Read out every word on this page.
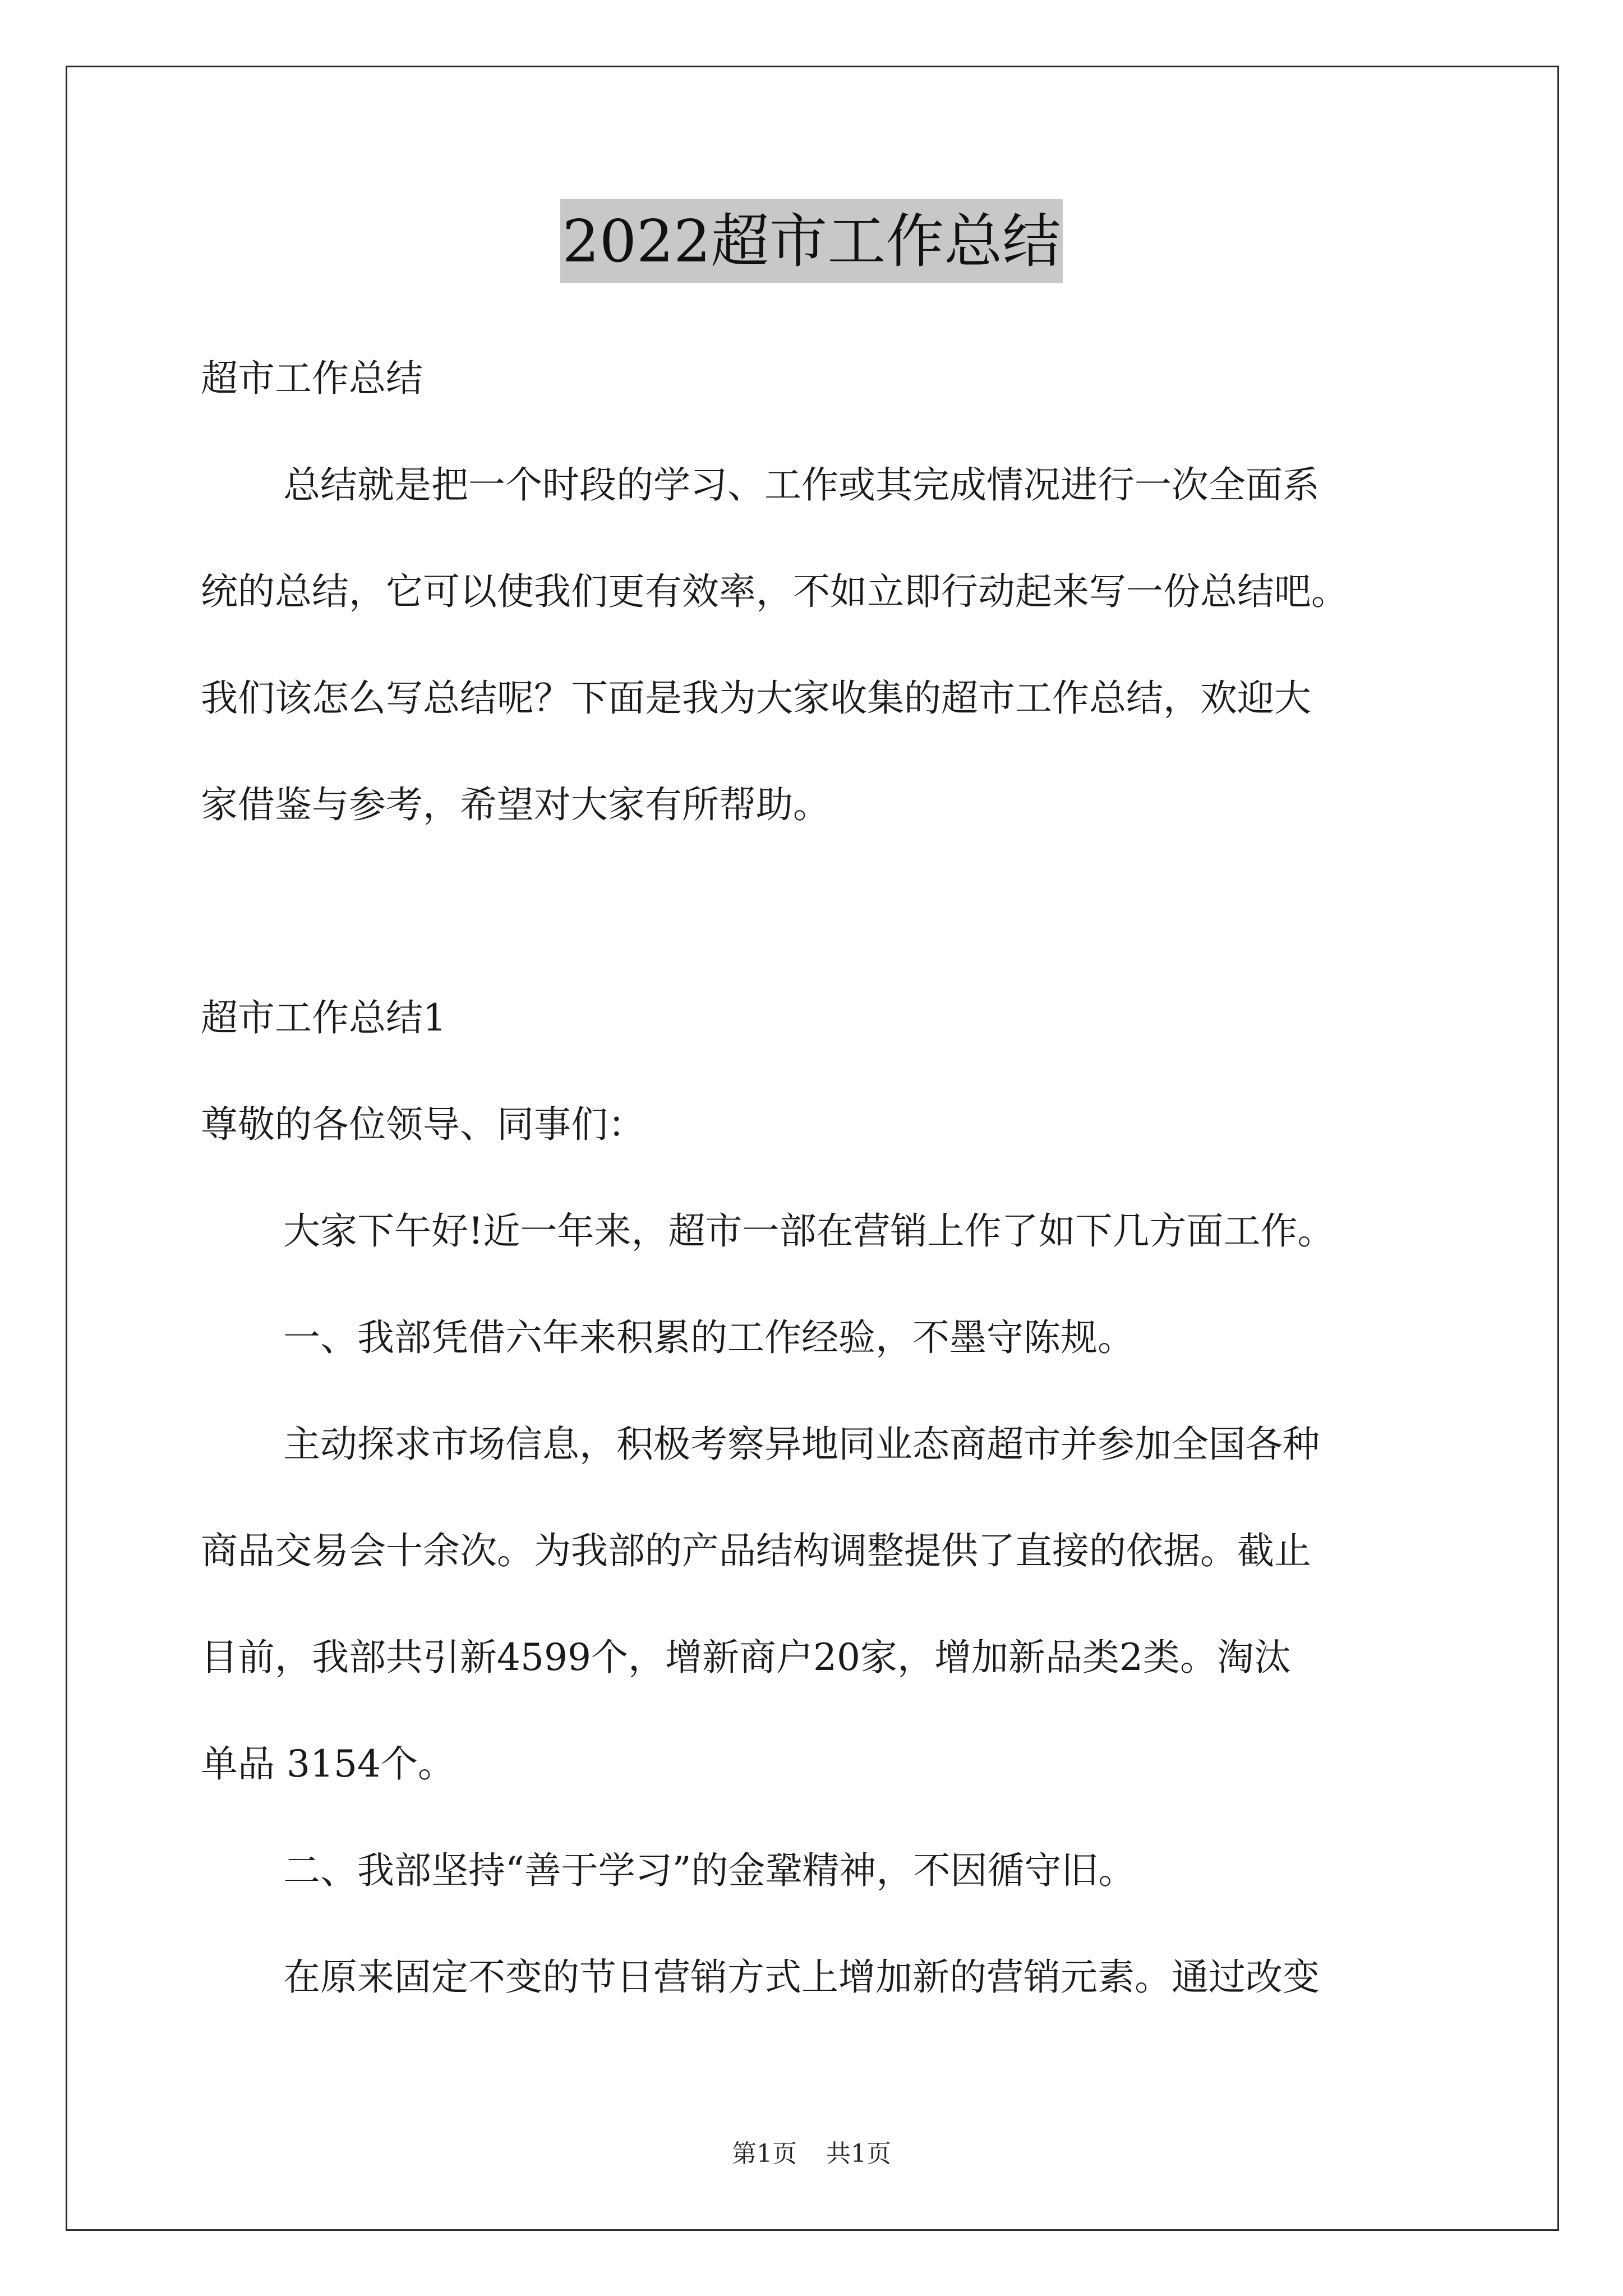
2022超市工作总结
超市工作总结
总结就是把一个时段的学习、工作或其完成情况进行一次全面系
统的总结，它可以使我们更有效率，不如立即行动起来写一份总结吧。
我们该怎么写总结呢？下面是我为大家收集的超市工作总结，欢迎大
家借鉴与参考，希望对大家有所帮助。
超市工作总结1
尊敬的各位领导、同事们：
大家下午好!近一年来，超市一部在营销上作了如下几方面工作。
一、我部凭借六年来积累的工作经验，不墨守陈规。
主动探求市场信息，积极考察异地同业态商超市并参加全国各种
商品交易会十余次。为我部的产品结构调整提供了直接的依据。截止
目前，我部共引新4599个，增新商户20家，增加新品类2类。淘汰
单品 3154个。
二、我部坚持“善于学习”的金鞏精神，不因循守旧。
在原来固定不变的节日营销方式上增加新的营销元素。通过改变
第1页 共1页
